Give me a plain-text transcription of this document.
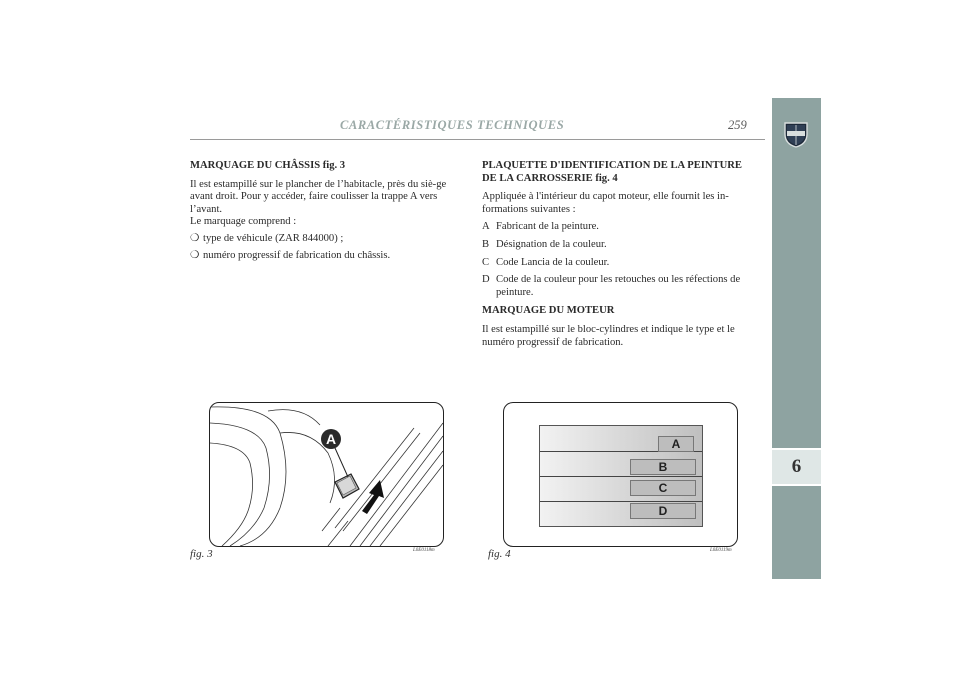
CARACTÉRISTIQUES TECHNIQUES	259
6
MARQUAGE DU CHÂSSIS fig. 3
Il est estampillé sur le plancher de l’habitacle, près du siè-ge avant droit. Pour y accéder, faire coulisser la trappe A vers l’avant.
Le marquage comprend :
❍ type de véhicule (ZAR 844000) ;
❍ numéro progressif de fabrication du châssis.
PLAQUETTE D'IDENTIFICATION DE LA PEINTURE DE LA CARROSSERIE fig. 4
Appliquée à l'intérieur du capot moteur, elle fournit les in-formations suivantes :
A Fabricant de la peinture.
B Désignation de la couleur.
C Code Lancia de la couleur.
D Code de la couleur pour les retouches ou les réfections de peinture.
MARQUAGE DU MOTEUR
Il est estampillé sur le bloc-cylindres et indique le type et le numéro progressif de fabrication.
A
fig. 3	L0E0118m
A
B
C
D
fig. 4	L0E0119m
